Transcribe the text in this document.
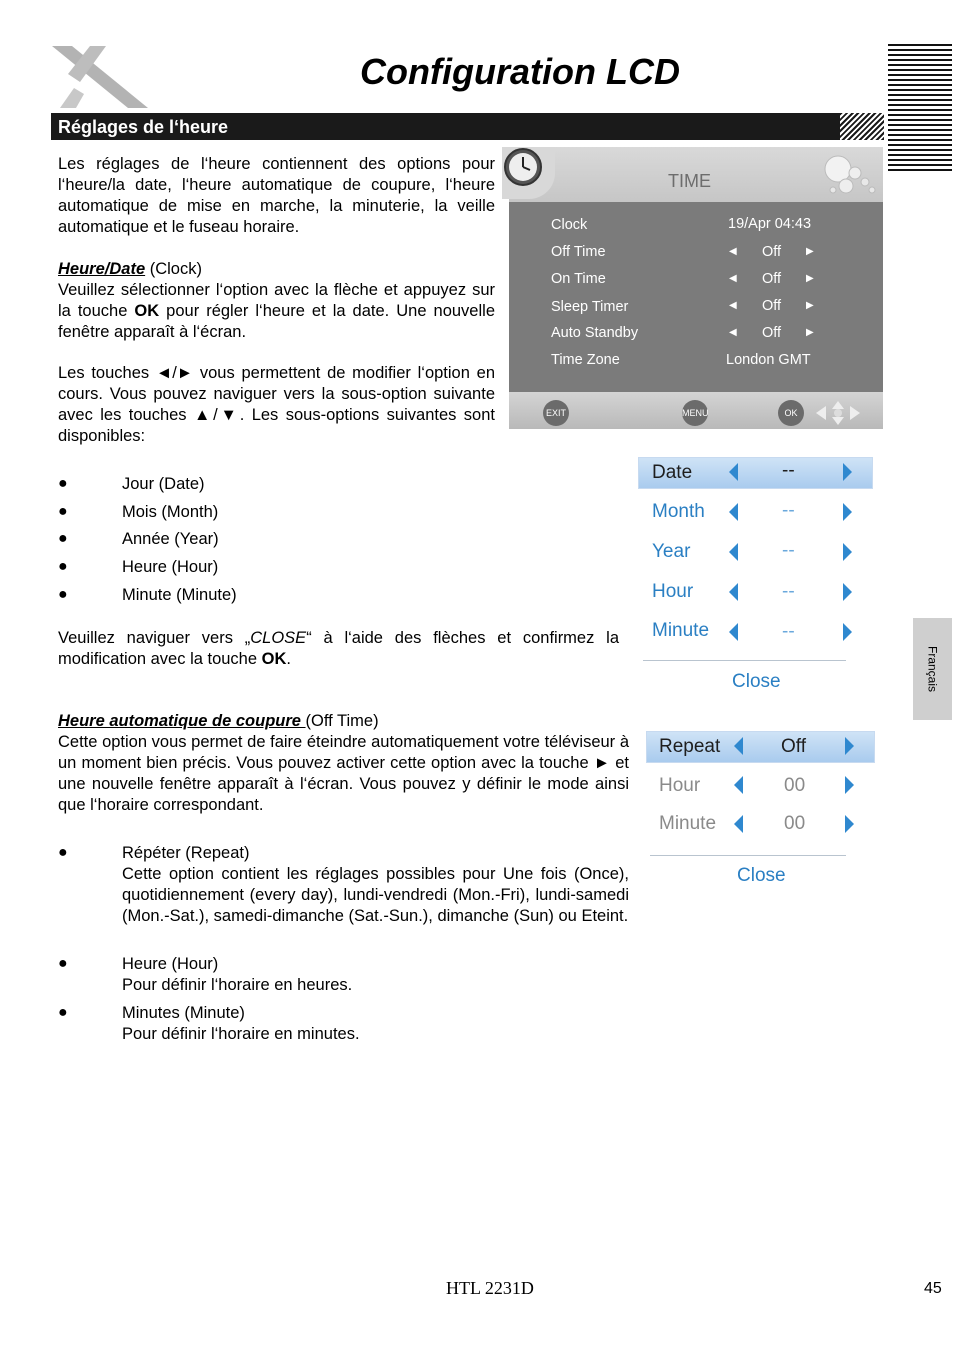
Configuration LCD
Réglages de l‘heure
Les réglages de l‘heure contiennent des options pour l‘heure/la date, l‘heure automatique de coupure, l‘heure automatique de mise en marche, la minuterie, la veille automatique et le fuseau horaire.
Heure/Date (Clock)
Veuillez sélectionner l‘option avec la flèche et appuyez sur la touche OK pour régler l‘heure et la date. Une nouvelle fenêtre apparaît à l‘écran.
Les touches ◄/► vous permettent de modifier l‘option en cours. Vous pouvez naviguer vers la sous-option suivante avec les touches ▲/▼. Les sous-options suivantes sont disponibles:
●	Jour (Date)
●	Mois (Month)
●	Année (Year)
●	Heure (Hour)
●	Minute (Minute)
Veuillez naviguer vers „CLOSE“ à l‘aide des flèches et confirmez la modification avec la touche OK.
Heure automatique de coupure (Off Time)
Cette option vous permet de faire éteindre automatiquement votre téléviseur à un moment bien précis. Vous pouvez activer cette option avec la touche ► et une nouvelle fenêtre apparaît à l‘écran. Vous pouvez y définir le mode ainsi que l‘horaire correspondant.
●	Répéter (Repeat)
Cette option contient les réglages possibles pour Une fois (Once), quotidiennement (every day), lundi-vendredi (Mon.-Fri), lundi-samedi (Mon.-Sat.), samedi-dimanche (Sat.-Sun.), dimanche (Sun) ou Eteint.
●	Heure (Hour)
Pour définir l‘horaire en heures.
●	Minutes (Minute)
Pour définir l‘horaire en minutes.
TIME
Clock	19/Apr 04:43
Off Time	◀ Off ▶
On Time	◀ Off ▶
Sleep Timer	◀ Off ▶
Auto Standby	◀ Off ▶
Time Zone	London GMT
EXIT	MENU	OK
Date	--
Month	--
Year	--
Hour	--
Minute	--
Close
Repeat	Off
Hour	00
Minute	00
Close
Français
HTL 2231D	45
